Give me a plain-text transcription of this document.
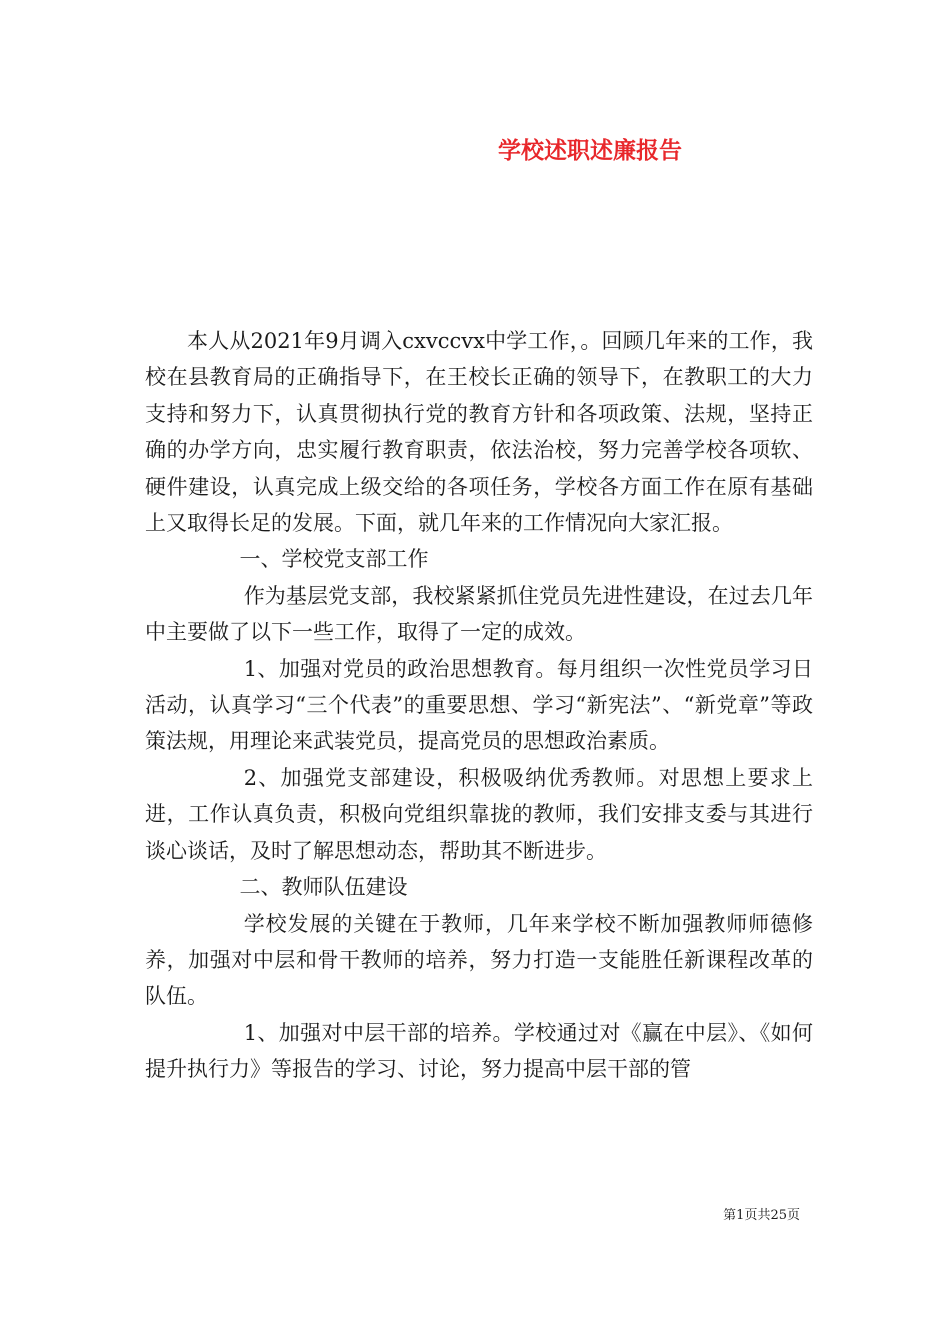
学校述职述廉报告

本人从2021年9月调入cxvccvx中学工作，。回顾几年来的工作，我校在县教育局的正确指导下，在王校长正确的领导下，在教职工的大力支持和努力下，认真贯彻执行党的教育方针和各项政策、法规，坚持正确的办学方向，忠实履行教育职责，依法治校，努力完善学校各项软、硬件建设，认真完成上级交给的各项任务，学校各方面工作在原有基础上又取得长足的发展。下面，就几年来的工作情况向大家汇报。

一、学校党支部工作

作为基层党支部，我校紧紧抓住党员先进性建设，在过去几年中主要做了以下一些工作，取得了一定的成效。

1、加强对党员的政治思想教育。每月组织一次性党员学习日活动，认真学习“三个代表”的重要思想、学习“新宪法”、“新党章”等政策法规，用理论来武装党员，提高党员的思想政治素质。

2、加强党支部建设，积极吸纳优秀教师。对思想上要求上进，工作认真负责，积极向党组织靠拢的教师，我们安排支委与其进行谈心谈话，及时了解思想动态，帮助其不断进步。

二、教师队伍建设

学校发展的关键在于教师，几年来学校不断加强教师师德修养，加强对中层和骨干教师的培养，努力打造一支能胜任新课程改革的队伍。

1、加强对中层干部的培养。学校通过对《赢在中层》、《如何提升执行力》等报告的学习、讨论，努力提高中层干部的管

第1页共25页
